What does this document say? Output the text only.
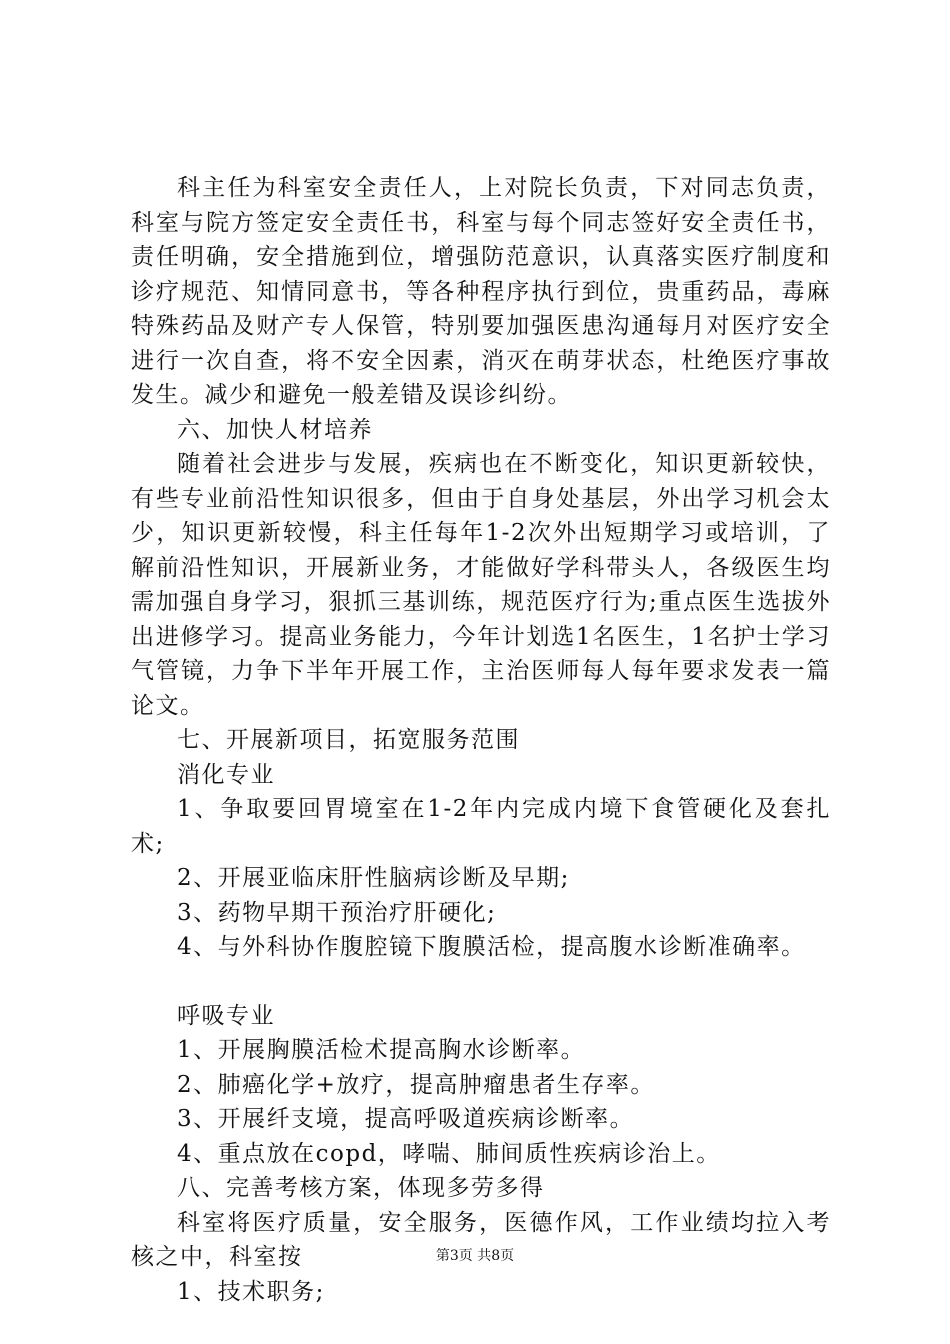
科主任为科室安全责任人，上对院长负责，下对同志负责，科室与院方签定安全责任书，科室与每个同志签好安全责任书，责任明确，安全措施到位，增强防范意识，认真落实医疗制度和诊疗规范、知情同意书，等各种程序执行到位，贵重药品，毒麻特殊药品及财产专人保管，特别要加强医患沟通每月对医疗安全进行一次自查，将不安全因素，消灭在萌芽状态，杜绝医疗事故发生。减少和避免一般差错及误诊纠纷。

六、加快人材培养

随着社会进步与发展，疾病也在不断变化，知识更新较快，有些专业前沿性知识很多，但由于自身处基层，外出学习机会太少，知识更新较慢，科主任每年1-2次外出短期学习或培训，了解前沿性知识，开展新业务，才能做好学科带头人，各级医生均需加强自身学习，狠抓三基训练，规范医疗行为;重点医生选拔外出进修学习。提高业务能力，今年计划选1名医生，1名护士学习气管镜，力争下半年开展工作，主治医师每人每年要求发表一篇论文。

七、开展新项目，拓宽服务范围

消化专业

1、争取要回胃境室在1-2年内完成内境下食管硬化及套扎术;

2、开展亚临床肝性脑病诊断及早期;

3、药物早期干预治疗肝硬化;

4、与外科协作腹腔镜下腹膜活检，提高腹水诊断准确率。

呼吸专业

1、开展胸膜活检术提高胸水诊断率。

2、肺癌化学+放疗，提高肿瘤患者生存率。

3、开展纤支境，提高呼吸道疾病诊断率。

4、重点放在copd，哮喘、肺间质性疾病诊治上。

八、完善考核方案，体现多劳多得

科室将医疗质量，安全服务，医德作风，工作业绩均拉入考核之中，科室按

1、技术职务;

第3页 共8页
